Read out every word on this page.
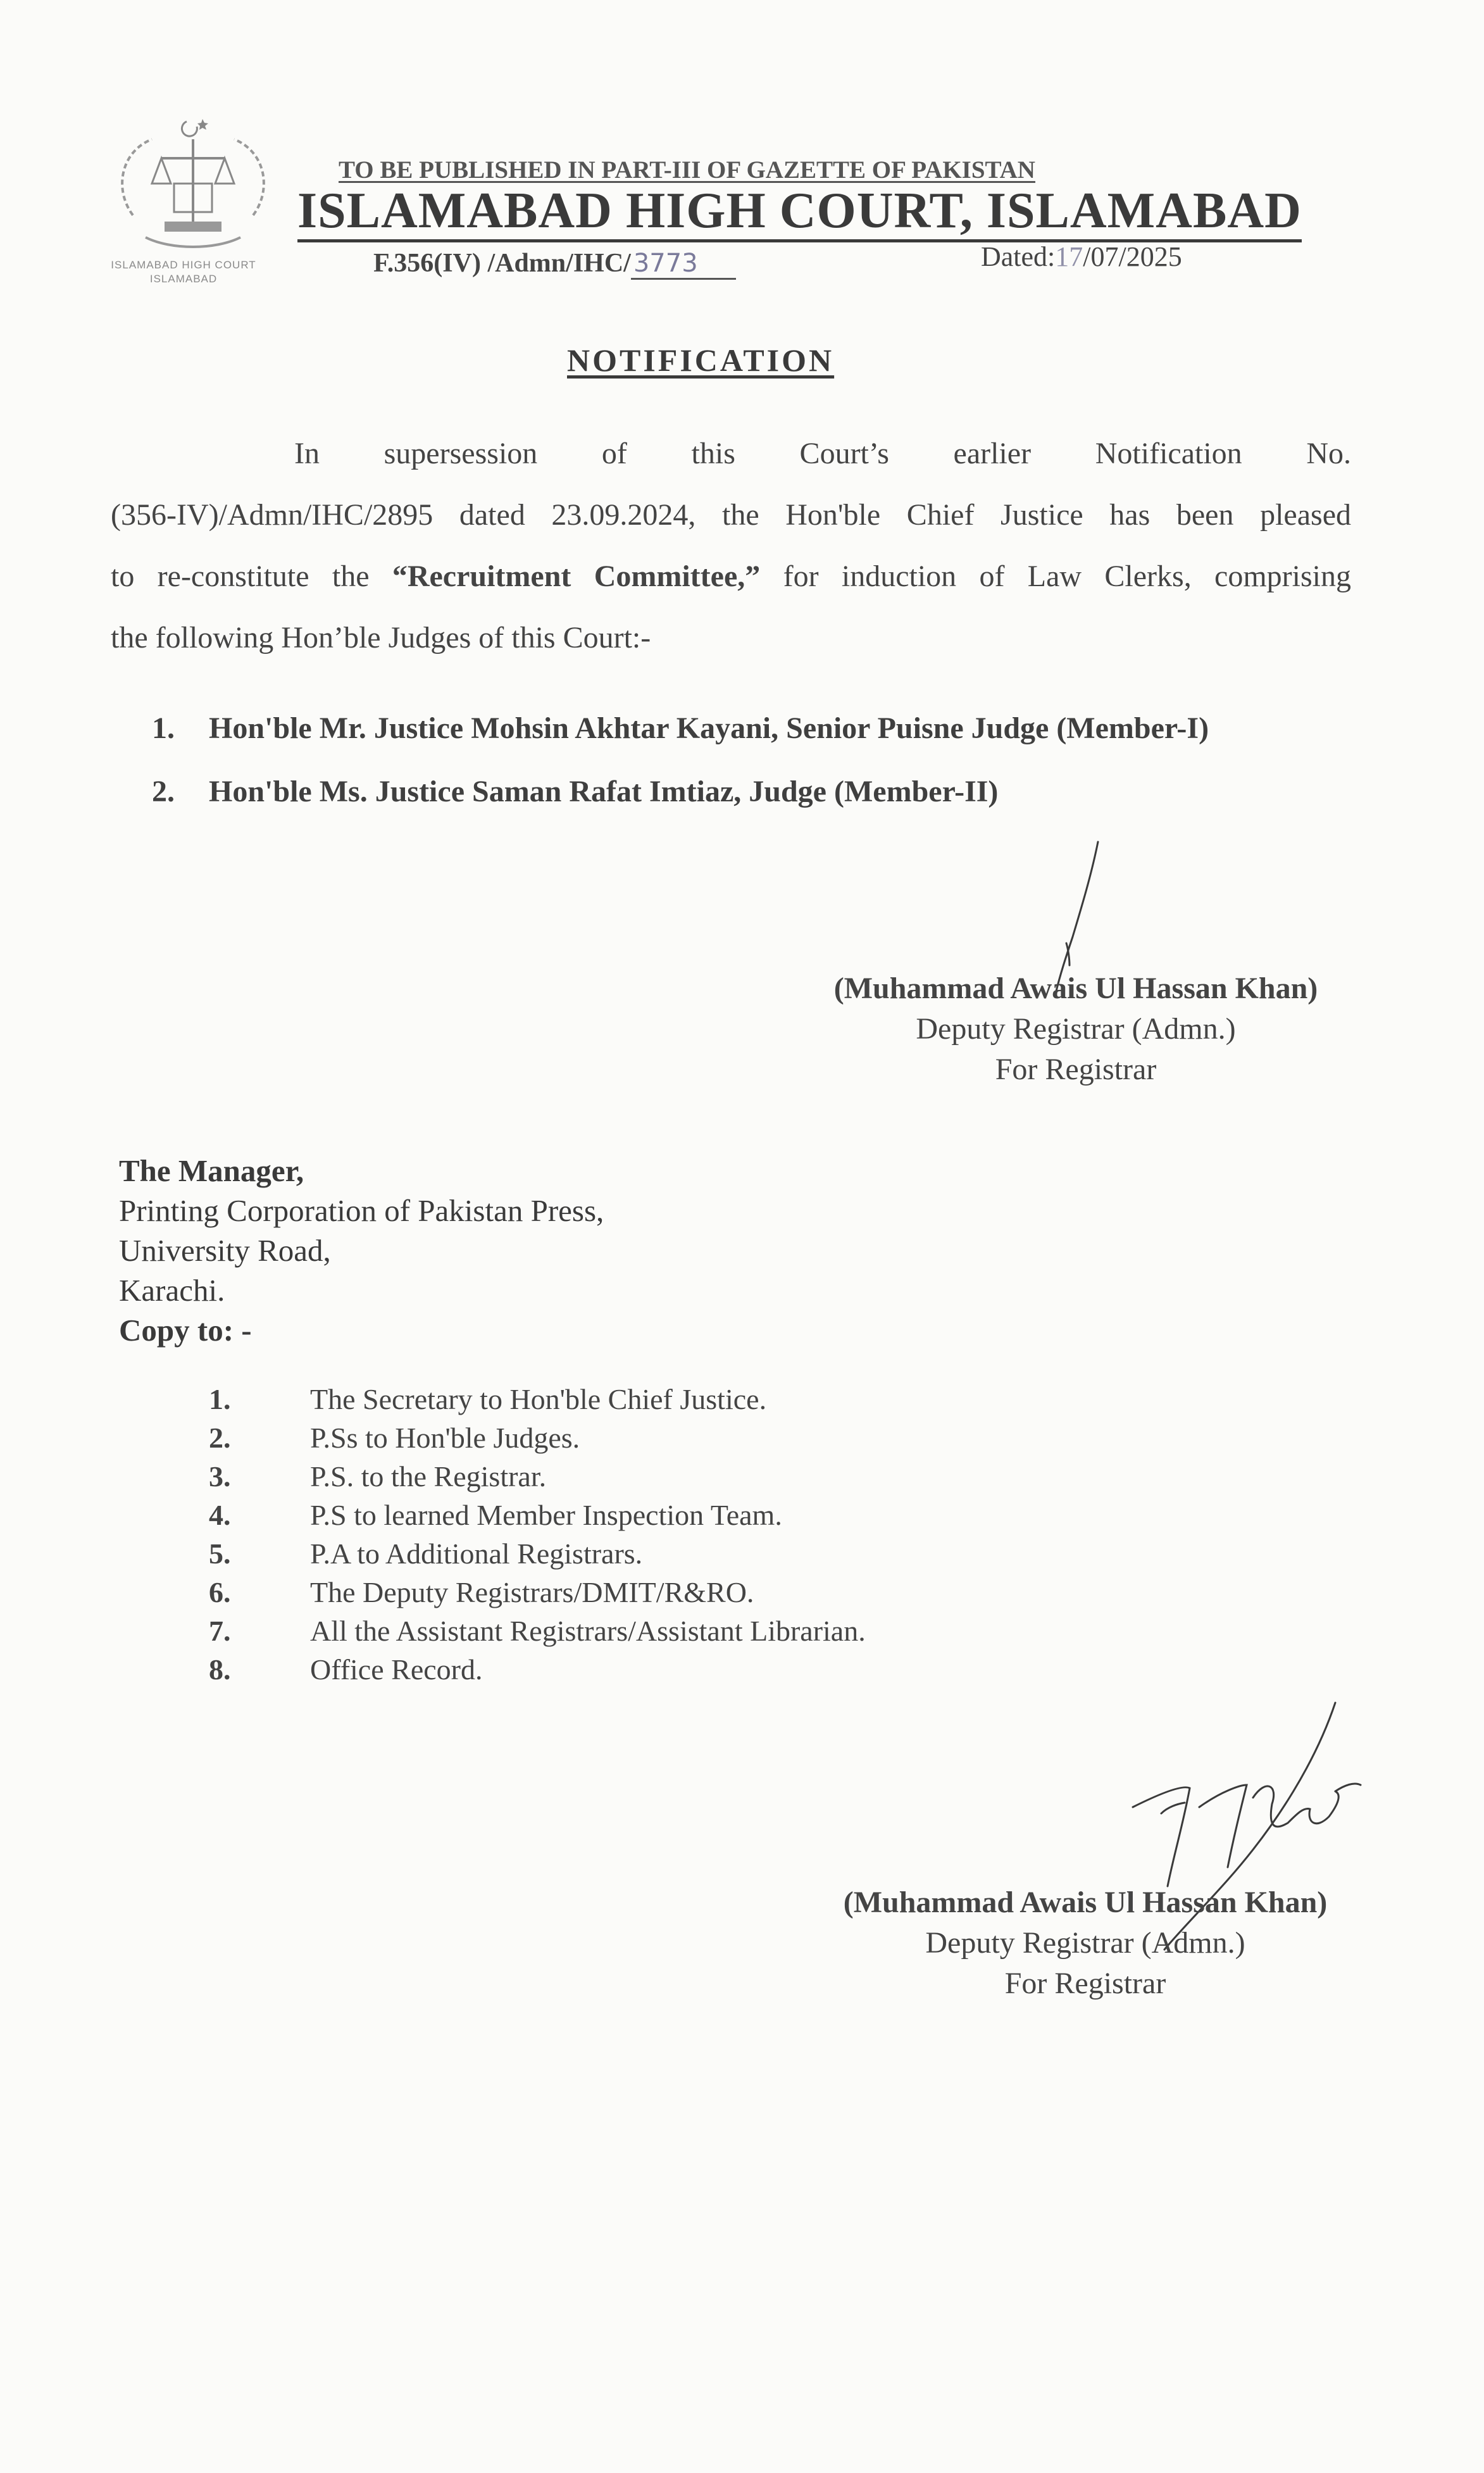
ISLAMABAD HIGH COURT ISLAMABAD
TO BE PUBLISHED IN PART-III OF GAZETTE OF PAKISTAN
ISLAMABAD HIGH COURT, ISLAMABAD
F.356(IV) /Admn/IHC/ 3773	Dated:17/07/2025
NOTIFICATION
In supersession of this Court’s earlier Notification No.
(356-IV)/Admn/IHC/2895 dated 23.09.2024, the Hon'ble Chief Justice has been pleased
to re-constitute the “Recruitment Committee,” for induction of Law Clerks, comprising
the following Hon’ble Judges of this Court:-
1.	Hon'ble Mr. Justice Mohsin Akhtar Kayani, Senior Puisne Judge (Member-I)
2.	Hon'ble Ms. Justice Saman Rafat Imtiaz, Judge (Member-II)
(Muhammad Awais Ul Hassan Khan)
Deputy Registrar (Admn.)
For Registrar
The Manager,
Printing Corporation of Pakistan Press,
University Road,
Karachi.
Copy to: -
1.	The Secretary to Hon'ble Chief Justice.
2.	P.Ss to Hon'ble Judges.
3.	P.S. to the Registrar.
4.	P.S to learned Member Inspection Team.
5.	P.A to Additional Registrars.
6.	The Deputy Registrars/DMIT/R&RO.
7.	All the Assistant Registrars/Assistant Librarian.
8.	Office Record.
(Muhammad Awais Ul Hassan Khan)
Deputy Registrar (Admn.)
For Registrar
